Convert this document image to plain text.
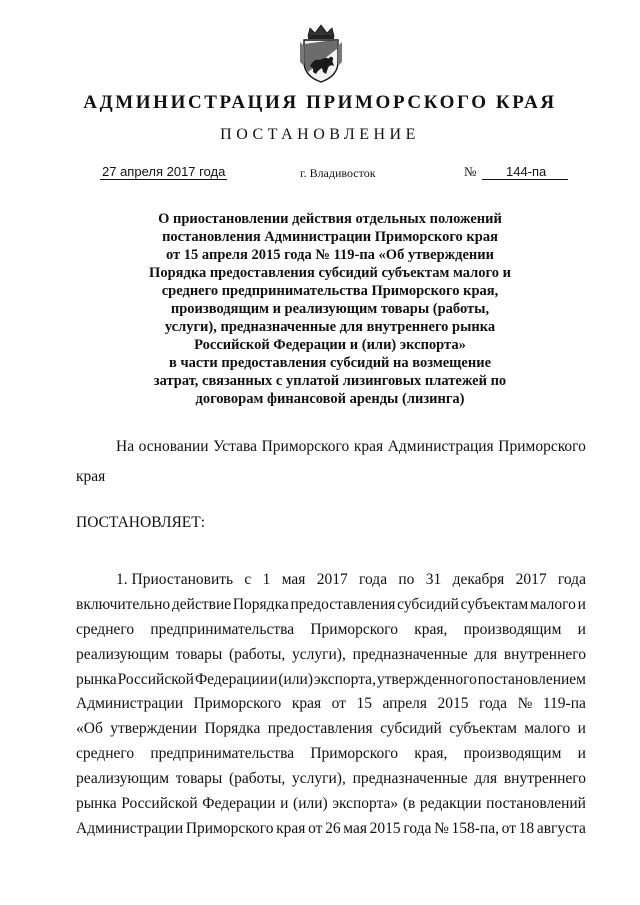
АДМИНИСТРАЦИЯ ПРИМОРСКОГО КРАЯ
ПОСТАНОВЛЕНИЕ
27 апреля 2017 года	г. Владивосток	№	144-па
О приостановлении действия отдельных положений
постановления Администрации Приморского края
от 15 апреля 2015 года № 119-па «Об утверждении
Порядка предоставления субсидий субъектам малого и
среднего предпринимательства Приморского края,
производящим и реализующим товары (работы,
услуги), предназначенные для внутреннего рынка
Российской Федерации и (или) экспорта»
в части предоставления субсидий на возмещение
затрат, связанных с уплатой лизинговых платежей по
договорам финансовой аренды (лизинга)
На основании Устава Приморского края Администрация Приморского
края
ПОСТАНОВЛЯЕТ:
1. Приостановить с 1 мая 2017 года по 31 декабря 2017 года
включительно действие Порядка предоставления субсидий субъектам малого и
среднего предпринимательства Приморского края, производящим и
реализующим товары (работы, услуги), предназначенные для внутреннего
рынка Российской Федерации и (или) экспорта, утвержденного постановлением
Администрации Приморского края от 15 апреля 2015 года № 119-па
«Об утверждении Порядка предоставления субсидий субъектам малого и
среднего предпринимательства Приморского края, производящим и
реализующим товары (работы, услуги), предназначенные для внутреннего
рынка Российской Федерации и (или) экспорта» (в редакции постановлений
Администрации Приморского края от 26 мая 2015 года № 158-па, от 18 августа
